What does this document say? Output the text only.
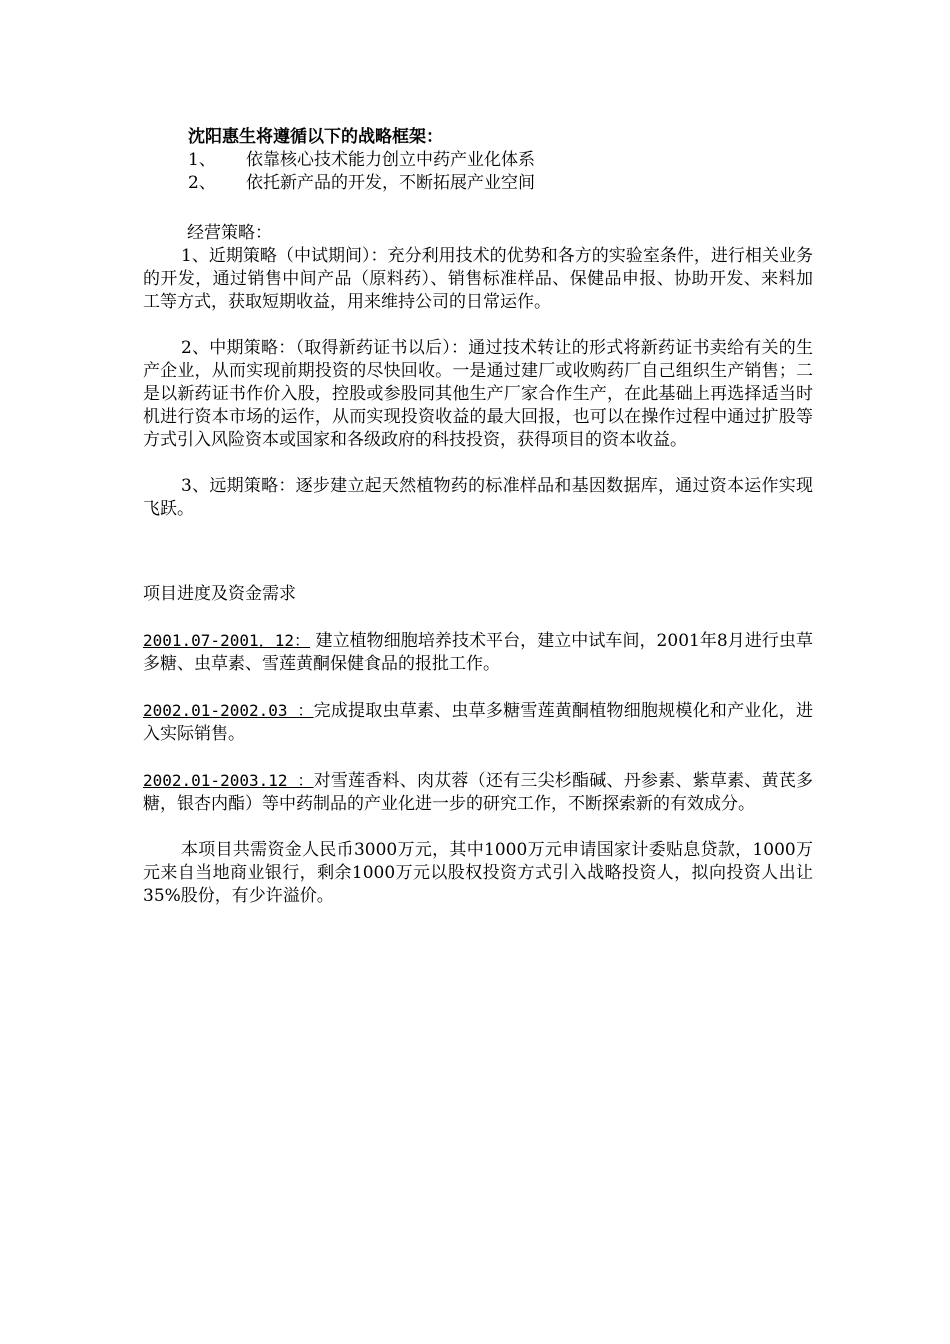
沈阳惠生将遵循以下的战略框架：

1、	依靠核心技术能力创立中药产业化体系
2、	依托新产品的开发，不断拓展产业空间

经营策略：

1、近期策略（中试期间）：充分利用技术的优势和各方的实验室条件，进行相关业务的开发，通过销售中间产品（原料药）、销售标准样品、保健品申报、协助开发、来料加工等方式，获取短期收益，用来维持公司的日常运作。

2、中期策略：（取得新药证书以后）：通过技术转让的形式将新药证书卖给有关的生产企业，从而实现前期投资的尽快回收。一是通过建厂或收购药厂自己组织生产销售；二是以新药证书作价入股，控股或参股同其他生产厂家合作生产，在此基础上再选择适当时机进行资本市场的运作，从而实现投资收益的最大回报，也可以在操作过程中通过扩股等方式引入风险资本或国家和各级政府的科技投资，获得项目的资本收益。

3、远期策略：逐步建立起天然植物药的标准样品和基因数据库，通过资本运作实现飞跃。

项目进度及资金需求

2001.07-2001．12： 建立植物细胞培养技术平台，建立中试车间，2001年8月进行虫草多糖、虫草素、雪莲黄酮保健食品的报批工作。

2002.01-2002.03 ：完成提取虫草素、虫草多糖雪莲黄酮植物细胞规模化和产业化，进入实际销售。

2002.01-2003.12 ：对雪莲香料、肉苁蓉（还有三尖杉酯碱、丹参素、紫草素、黄芪多糖，银杏内酯）等中药制品的产业化进一步的研究工作，不断探索新的有效成分。

本项目共需资金人民币3000万元，其中1000万元申请国家计委贴息贷款，1000万元来自当地商业银行，剩余1000万元以股权投资方式引入战略投资人，拟向投资人出让35%股份，有少许溢价。
